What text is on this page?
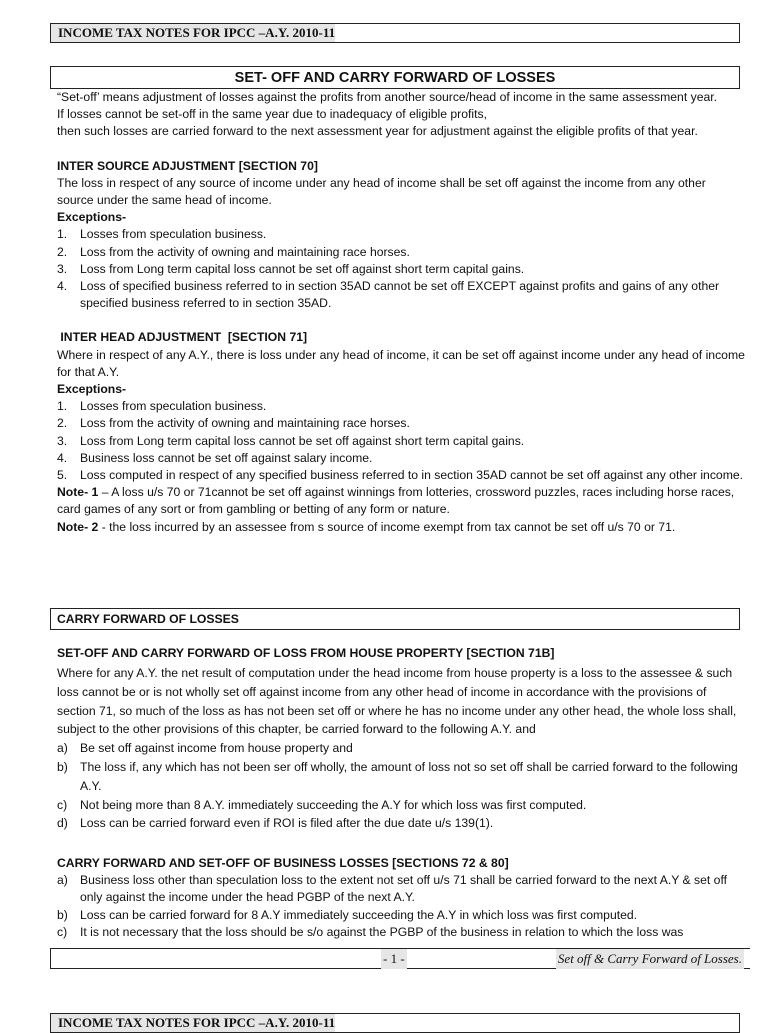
INCOME TAX NOTES FOR IPCC –A.Y. 2010-11
SET- OFF AND CARRY FORWARD OF LOSSES

“Set-off’ means adjustment of losses against the profits from another source/head of income in the same assessment year.

If losses cannot be set-off in the same year due to inadequacy of eligible profits,

then such losses are carried forward to the next assessment year for adjustment against the eligible profits of that year.

INTER SOURCE ADJUSTMENT [SECTION 70]

The loss in respect of any source of income under any head of income shall be set off against the income from any other source under the same head of income.

Exceptions-

1. Losses from speculation business.
2. Loss from the activity of owning and maintaining race horses.
3. Loss from Long term capital loss cannot be set off against short term capital gains.
4. Loss of specified business referred to in section 35AD cannot be set off EXCEPT against profits and gains of any other specified business referred to in section 35AD.

INTER HEAD ADJUSTMENT  [SECTION 71]

Where in respect of any A.Y., there is loss under any head of income, it can be set off against income under any head of income for that A.Y.

Exceptions-

1. Losses from speculation business.
2. Loss from the activity of owning and maintaining race horses.
3. Loss from Long term capital loss cannot be set off against short term capital gains.
4. Business loss cannot be set off against salary income.
5. Loss computed in respect of any specified business referred to in section 35AD cannot be set off against any other income.

Note- 1 – A loss u/s 70 or 71cannot be set off against winnings from lotteries, crossword puzzles, races including horse races, card games of any sort or from gambling or betting of any form or nature.

Note- 2 - the loss incurred by an assessee from s source of income exempt from tax cannot be set off u/s 70 or 71.

CARRY FORWARD OF LOSSES

SET-OFF AND CARRY FORWARD OF LOSS FROM HOUSE PROPERTY [SECTION 71B]

Where for any A.Y. the net result of computation under the head income from house property is a loss to the assessee & such loss cannot be or is not wholly set off against income from any other head of income in accordance with the provisions of section 71, so much of the loss as has not been set off or where he has no income under any other head, the whole loss shall, subject to the other provisions of this chapter, be carried forward to the following A.Y. and

a) Be set off against income from house property and
b) The loss if, any which has not been ser off wholly, the amount of loss not so set off shall be carried forward to the following A.Y.
c) Not being more than 8 A.Y. immediately succeeding the A.Y for which loss was first computed.
d) Loss can be carried forward even if ROI is filed after the due date u/s 139(1).

CARRY FORWARD AND SET-OFF OF BUSINESS LOSSES [SECTIONS 72 & 80]

a) Business loss other than speculation loss to the extent not set off u/s 71 shall be carried forward to the next A.Y & set off only against the income under the head PGBP of the next A.Y.
b) Loss can be carried forward for 8 A.Y immediately succeeding the A.Y in which loss was first computed.
c) It is not necessary that the loss should be s/o against the PGBP of the business in relation to which the loss was
- 1 -	Set off & Carry Forward of Losses.
INCOME TAX NOTES FOR IPCC –A.Y. 2010-11
